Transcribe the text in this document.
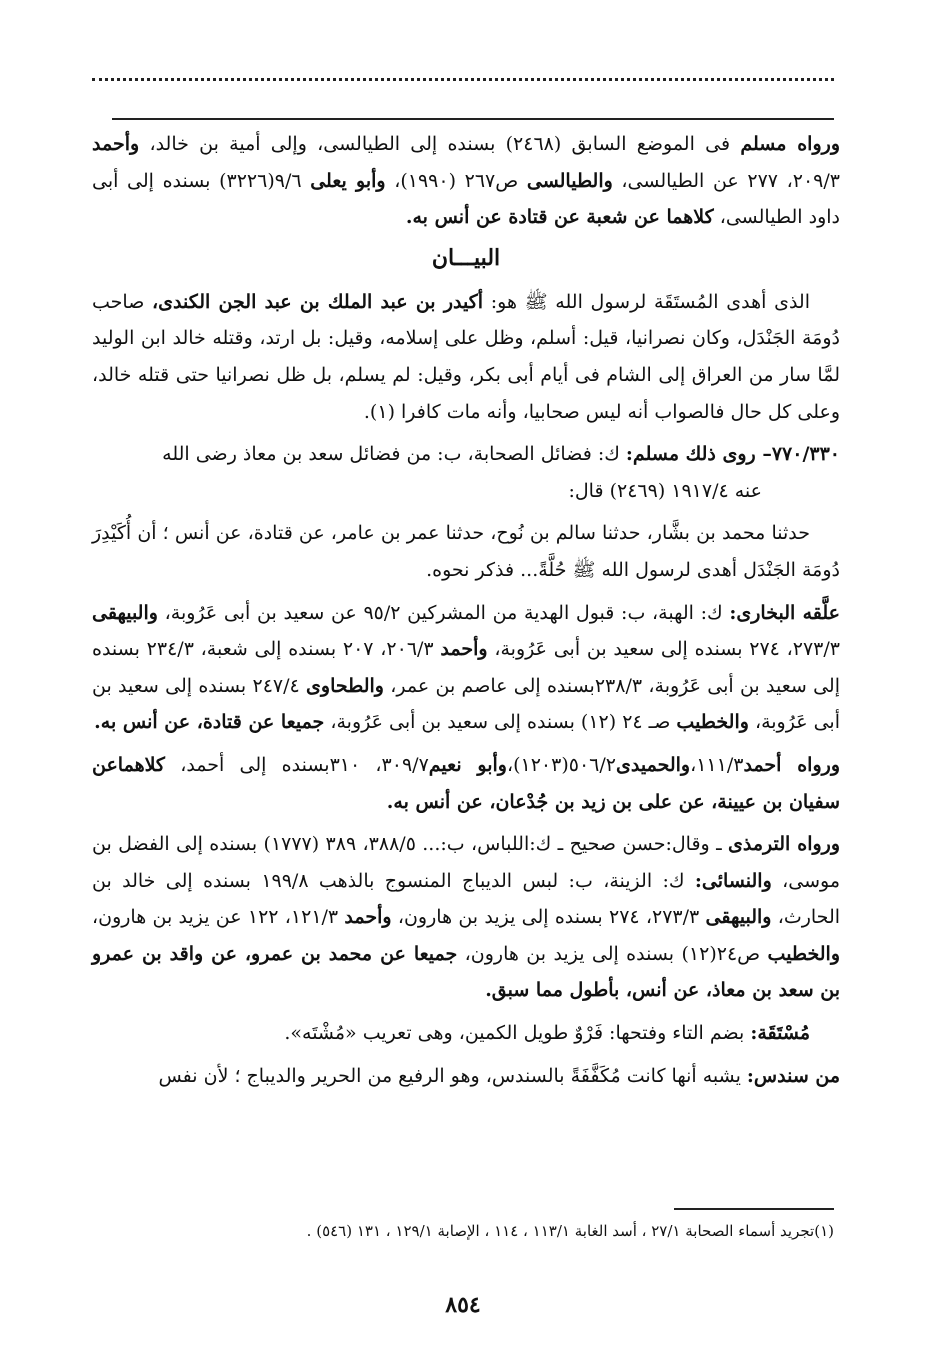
ورواه مسلم فى الموضع السابق (٢٤٦٨) بسنده إلى الطيالسى، وإلى أمية بن خالد، وأحمد ٢٠٩/٣، ٢٧٧ عن الطيالسى، والطيالسى ص٢٦٧ (١٩٩٠)، وأبو يعلى ٩/٦(٣٢٢٦) بسنده إلى أبى داود الطيالسى، كلاهما عن شعبة عن قتادة عن أنس به.

البيـــان

الذى أهدى المُستَقَة لرسول الله ﷺ هو: أكيدر بن عبد الملك بن عبد الجن الكندى، صاحب دُومَة الجَنْدَل، وكان نصرانيا، قيل: أسلم، وظل على إسلامه، وقيل: بل ارتد، وقتله خالد ابن الوليد لمَّا سار من العراق إلى الشام فى أيام أبى بكر، وقيل: لم يسلم، بل ظل نصرانيا حتى قتله خالد، وعلى كل حال فالصواب أنه ليس صحابيا، وأنه مات كافرا (١).

٧٧٠/٣٣٠– روى ذلك مسلم: ك: فضائل الصحابة، ب: من فضائل سعد بن معاذ رضى الله
عنه ١٩١٧/٤ (٢٤٦٩) قال:

حدثنا محمد بن بشَّار، حدثنا سالم بن نُوح، حدثنا عمر بن عامر، عن قتادة، عن أنس ؛ أن أُكَيْدِرَ دُومَة الجَنْدَل أهدى لرسول الله ﷺ حُلَّةً... فذكر نحوه.

علَّقه البخارى: ك: الهبة، ب: قبول الهدية من المشركين ٩٥/٢ عن سعيد بن أبى عَرُوبة، والبيهقى ٢٧٣/٣، ٢٧٤ بسنده إلى سعيد بن أبى عَرُوبة، وأحمد ٢٠٦/٣، ٢٠٧ بسنده إلى شعبة، ٢٣٤/٣ بسنده إلى سعيد بن أبى عَرُوبة، ٢٣٨/٣بسنده إلى عاصم بن عمر، والطحاوى ٢٤٧/٤ بسنده إلى سعيد بن أبى عَرُوبة، والخطيب صـ ٢٤ (١٢) بسنده إلى سعيد بن أبى عَرُوبة، جميعا عن قتادة، عن أنس به.

ورواه أحمد١١١/٣،والحميدى٥٠٦/٢(١٢٠٣)،وأبو نعيم٣٠٩/٧، ٣١٠بسنده إلى أحمد، كلاهماعن سفيان بن عيينة، عن على بن زيد بن جُدْعان، عن أنس به.

ورواه الترمذى ـ وقال:حسن صحيح ـ ك:اللباس، ب:... ٣٨٨/٥، ٣٨٩ (١٧٧٧) بسنده إلى الفضل بن موسى، والنسائى: ك: الزينة، ب: لبس الديباج المنسوج بالذهب ١٩٩/٨ بسنده إلى خالد بن الحارث، والبيهقى ٢٧٣/٣، ٢٧٤ بسنده إلى يزيد بن هارون، وأحمد ١٢١/٣، ١٢٢ عن يزيد بن هارون، والخطيب ص٢٤(١٢) بسنده إلى يزيد بن هارون، جميعا عن محمد بن عمرو، عن واقد بن عمرو بن سعد بن معاذ، عن أنس، بأطول مما سبق.

مُسْتَقَة: بضم التاء وفتحها: فَرْوٌ طويل الكمين، وهى تعريب «مُشْتَه».

من سندس: يشبه أنها كانت مُكَفَّفَةً بالسندس، وهو الرفيع من الحرير والديباج ؛ لأن نفس

(١)تجريد أسماء الصحابة ٢٧/١ ، أسد الغابة ١١٣/١ ، ١١٤ ، الإصابة ١٢٩/١ ، ١٣١ (٥٤٦) .
٨٥٤
